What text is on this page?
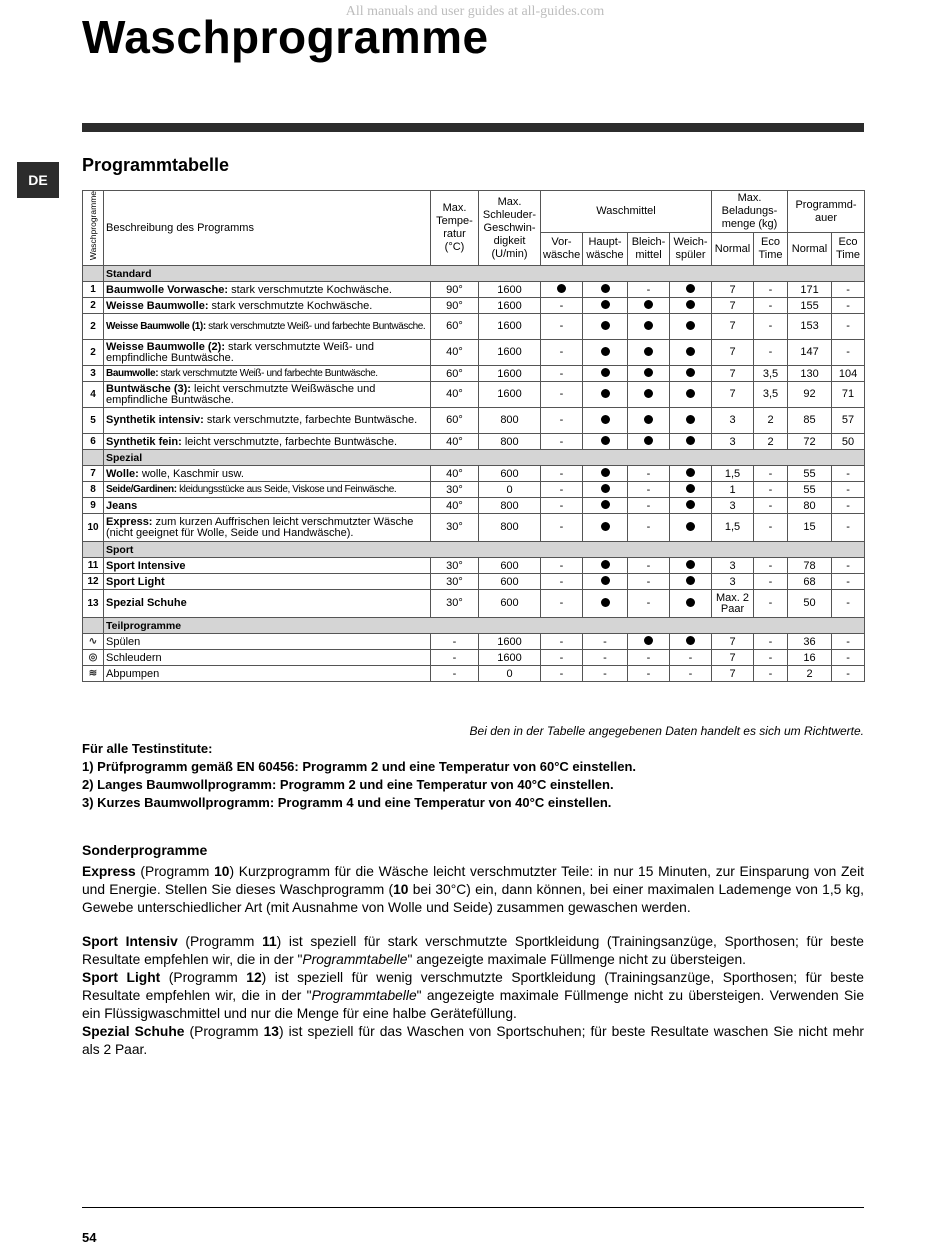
All manuals and user guides at all-guides.com
Waschprogramme
DE
Programmtabelle
Waschprogramme	Beschreibung des Programms	Max. Tempe- ratur (°C)	Max. Schleuder- Geschwin- digkeit (U/min)	Waschmittel				Max. Beladungs- menge (kg)		Programmd- auer	
				Vor- wäsche	Haupt- wäsche	Bleich- mittel	Weich- spüler	Normal	Eco Time	Normal	Eco Time
	Standard										
1	Baumwolle Vorwasche: stark verschmutzte Kochwäsche.	90°	1600			-		7	-	171	-
2	Weisse Baumwolle: stark verschmutzte Kochwäsche.	90°	1600	-				7	-	155	-
2	Weisse Baumwolle (1): stark verschmutzte Weiß- und farbechte Buntwäsche.	60°	1600	-				7	-	153	-
2	Weisse Baumwolle (2): stark verschmutzte Weiß- und empfindliche Buntwäsche.	40°	1600	-				7	-	147	-
3	Baumwolle: stark verschmutzte Weiß- und farbechte Buntwäsche.	60°	1600	-				7	3,5	130	104
4	Buntwäsche (3): leicht verschmutzte Weißwäsche und empfindliche Buntwäsche.	40°	1600	-				7	3,5	92	71
5	Synthetik intensiv: stark verschmutzte, farbechte Buntwäsche.	60°	800	-				3	2	85	57
6	Synthetik fein: leicht verschmutzte, farbechte Buntwäsche.	40°	800	-				3	2	72	50
	Spezial										
7	Wolle: wolle, Kaschmir usw.	40°	600	-		-		1,5	-	55	-
8	Seide/Gardinen: kleidungsstücke aus Seide, Viskose und Feinwäsche.	30°	0	-		-		1	-	55	-
9	Jeans	40°	800	-		-		3	-	80	-
10	Express: zum kurzen Auffrischen leicht verschmutzter Wäsche (nicht geeignet für Wolle, Seide und Handwäsche).	30°	800	-		-		1,5	-	15	-
	Sport										
11	Sport Intensive	30°	600	-		-		3	-	78	-
12	Sport Light	30°	600	-		-		3	-	68	-
13	Spezial Schuhe	30°	600	-		-		Max. 2 Paar	-	50	-
	Teilprogramme										
∿	Spülen	-	1600	-	-			7	-	36	-
◎	Schleudern	-	1600	-	-	-	-	7	-	16	-
≋	Abpumpen	-	0	-	-	-	-	7	-	2	-
Bei den in der Tabelle angegebenen Daten handelt es sich um Richtwerte.
Für alle Testinstitute:
1) Prüfprogramm gemäß EN 60456: Programm 2 und eine Temperatur von 60°C einstellen.
2) Langes Baumwollprogramm: Programm 2 und eine Temperatur von 40°C einstellen.
3) Kurzes Baumwollprogramm: Programm 4 und eine Temperatur von 40°C einstellen.
Sonderprogramme

Express (Programm 10) Kurzprogramm für die Wäsche leicht verschmutzter Teile: in nur 15 Minuten, zur Einsparung von Zeit und Energie. Stellen Sie dieses Waschprogramm (10 bei 30°C) ein, dann können, bei einer maximalen Lademenge von 1,5 kg, Gewebe unterschiedlicher Art (mit Ausnahme von Wolle und Seide) zusammen gewaschen werden.

Sport Intensiv (Programm 11) ist speziell für stark verschmutzte Sportkleidung (Trainingsanzüge, Sporthosen; für beste Resultate empfehlen wir, die in der "Programmtabelle" angezeigte maximale Füllmenge nicht zu übersteigen.

Sport Light (Programm 12) ist speziell für wenig verschmutzte Sportkleidung (Trainingsanzüge, Sporthosen; für beste Resultate empfehlen wir, die in der "Programmtabelle" angezeigte maximale Füllmenge nicht zu übersteigen. Verwenden Sie ein Flüssigwaschmittel und nur die Menge für eine halbe Gerätefüllung.

Spezial Schuhe (Programm 13) ist speziell für das Waschen von Sportschuhen; für beste Resultate waschen Sie nicht mehr als 2 Paar.

54
